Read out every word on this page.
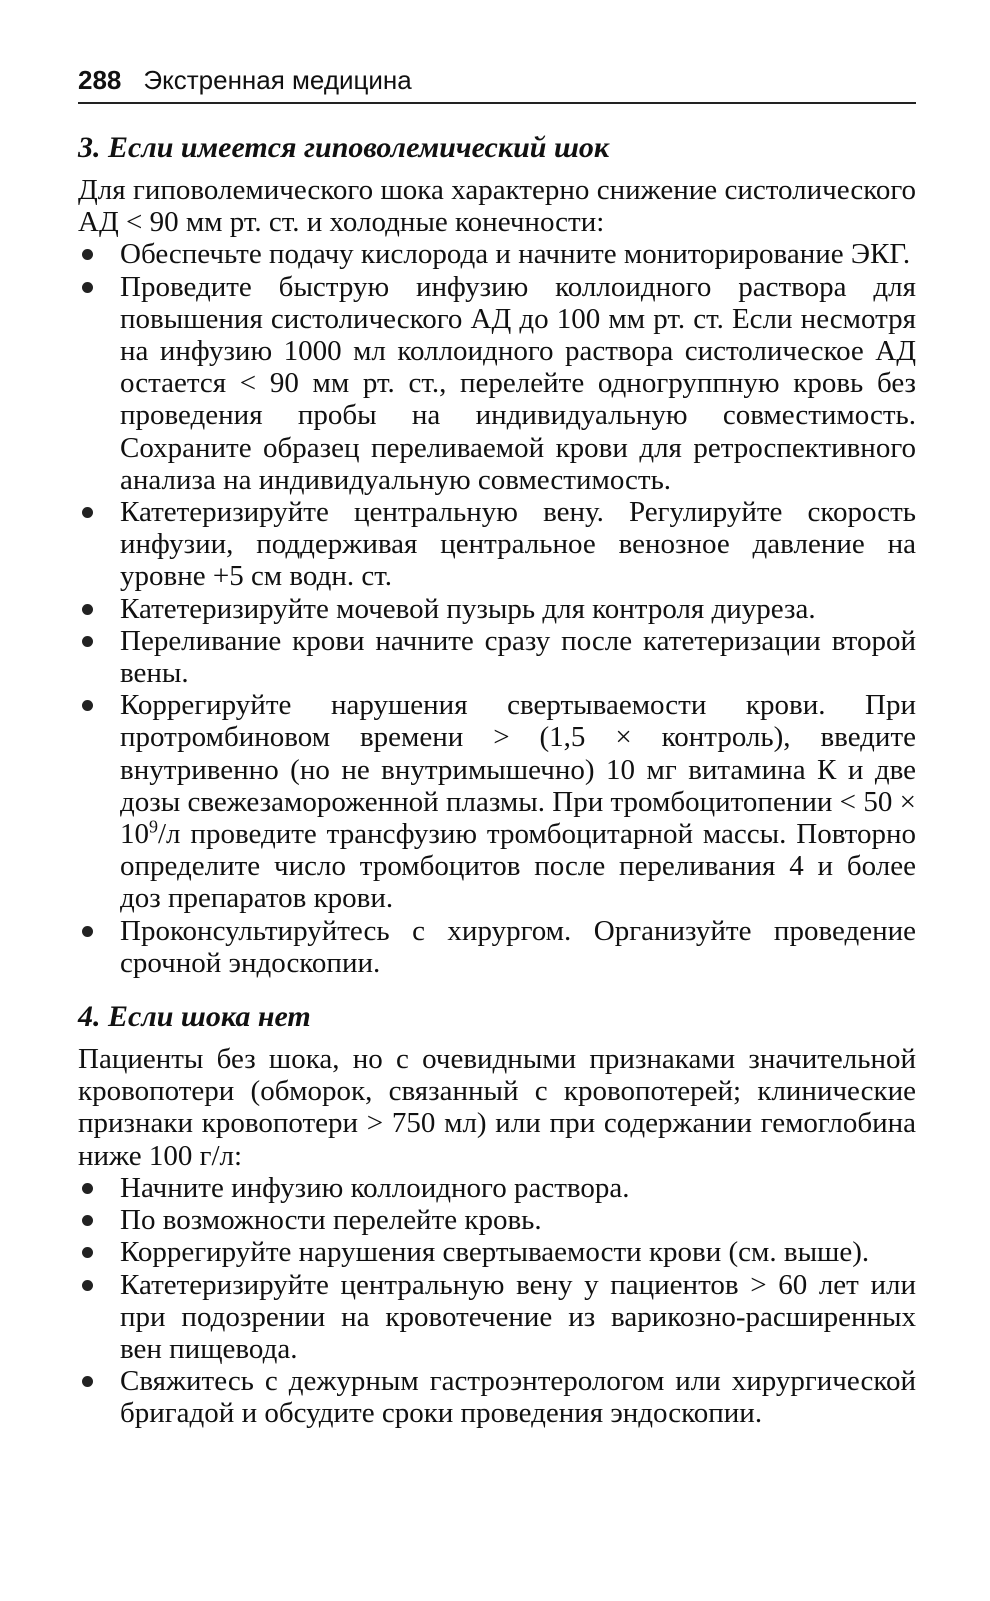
288 Экстренная медицина
3. Если имеется гиповолемический шок

Для гиповолемического шока характерно снижение систолического АД < 90 мм рт. ст. и холодные конечности:

Обеспечьте подачу кислорода и начните мониторирование ЭКГ.
Проведите быструю инфузию коллоидного раствора для повышения систолического АД до 100 мм рт. ст. Если несмотря на инфузию 1000 мл коллоидного раствора систолическое АД остается < 90 мм рт. ст., перелейте одногруппную кровь без проведения пробы на индивидуальную совместимость. Сохраните образец переливаемой крови для ретроспективного анализа на индивидуальную совместимость.
Катетеризируйте центральную вену. Регулируйте скорость инфузии, поддерживая центральное венозное давление на уровне +5 см водн. ст.
Катетеризируйте мочевой пузырь для контроля диуреза.
Переливание крови начните сразу после катетеризации второй вены.
Коррегируйте нарушения свертываемости крови. При протромбиновом времени > (1,5 × контроль), введите внутривенно (но не внутримышечно) 10 мг витамина К и две дозы свежезамороженной плазмы. При тромбоцитопении < $50 \times 10^9/л$ проведите трансфузию тромбоцитарной массы. Повторно определите число тромбоцитов после переливания 4 и более доз препаратов крови.
Проконсультируйтесь с хирургом. Организуйте проведение срочной эндоскопии.
4. Если шока нет

Пациенты без шока, но с очевидными признаками значительной кровопотери (обморок, связанный с кровопотерей; клинические признаки кровопотери > 750 мл) или при содержании гемоглобина ниже 100 г/л:

Начните инфузию коллоидного раствора.
По возможности перелейте кровь.
Коррегируйте нарушения свертываемости крови (см. выше).
Катетеризируйте центральную вену у пациентов > 60 лет или при подозрении на кровотечение из варикозно-расширенных вен пищевода.
Свяжитесь с дежурным гастроэнтерологом или хирургической бригадой и обсудите сроки проведения эндоскопии.
